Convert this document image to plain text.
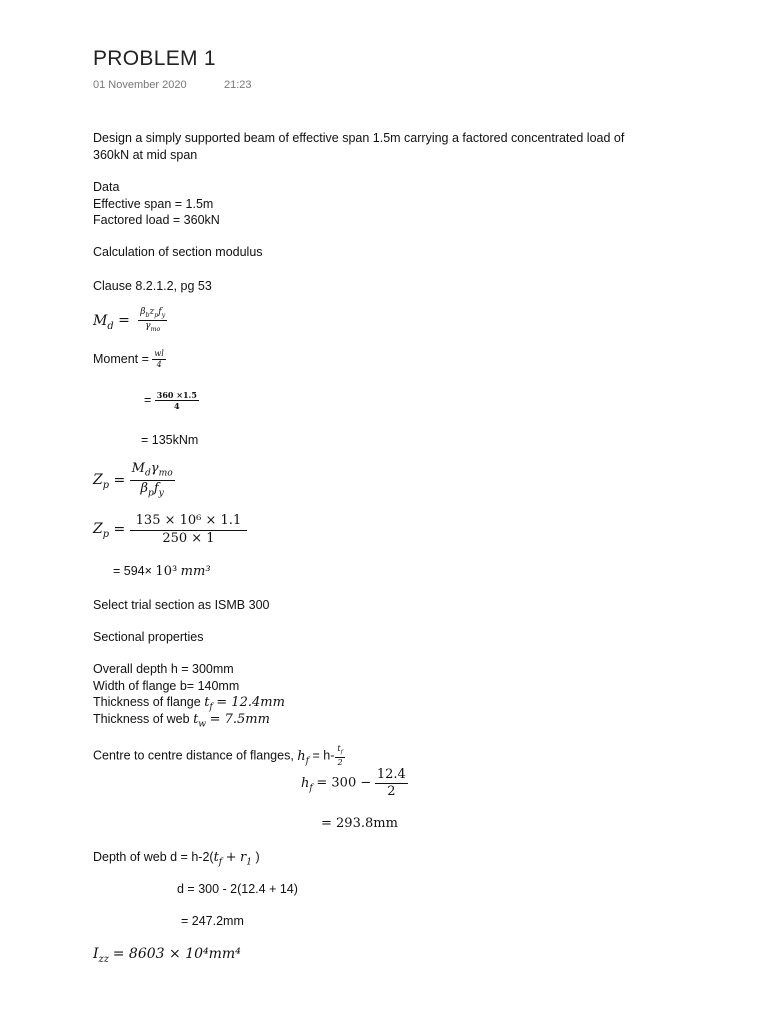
PROBLEM 1
01 November 2020	21:23
Design a simply supported beam of effective span 1.5m carrying a factored concentrated load of
360kN at mid span
Data
Effective span = 1.5m
Factored load = 360kN
Calculation of section modulus
Clause 8.2.1.2, pg 53
$M_d = \frac{\beta_bz_pf_y}{\gamma_{mo}}$
Moment = $\frac{wl}{4}$
= $\frac{360 \times 1.5}{4}$
= 135kNm
$Z_p = \frac{M_d\gamma_{mo}}{\beta_pf_y}$
$Z_p = \frac{\text{135 × 10⁶ × 1.1}}{250 \times 1}$
= 594× 10³ mm³
Select trial section as ISMB 300
Sectional properties
Overall depth h = 300mm
Width of flange b= 140mm
Thickness of flange $t_f = 12.4mm$
Thickness of web $t_w = 7.5mm$
Centre to centre distance of flanges, $h_f = h- \frac{t_f}{2}$
$h_f = 300 - \frac{12.4}{2}$
= 293.8mm
Depth of web $d = h-2(t_f + r_1$ )
d = 300 - 2(12.4 + 14)
= 247.2mm
$I_{zz} = 8603 \times 10^4mm^4$
